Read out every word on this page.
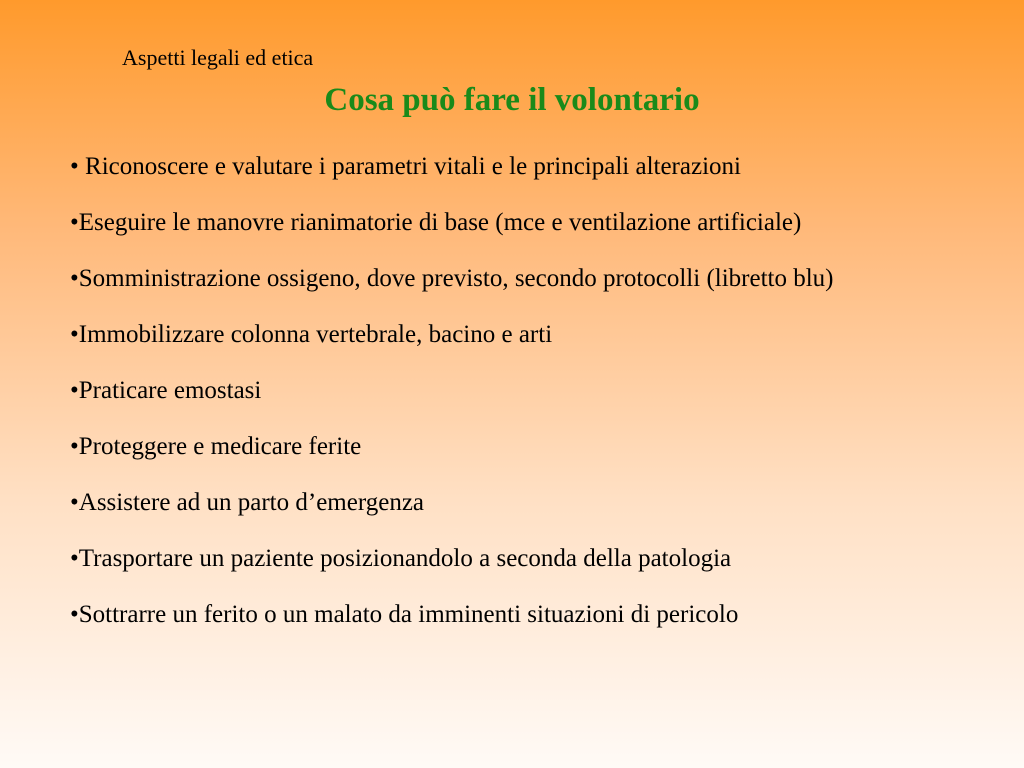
Aspetti legali ed etica
Cosa può fare il volontario
• Riconoscere e valutare i parametri vitali e le principali alterazioni
•Eseguire le manovre rianimatorie di base (mce e ventilazione artificiale)
•Somministrazione ossigeno, dove previsto, secondo protocolli (libretto blu)
•Immobilizzare colonna vertebrale, bacino e arti
•Praticare emostasi
•Proteggere e medicare ferite
•Assistere ad un parto d’emergenza
•Trasportare un paziente posizionandolo a seconda della patologia
•Sottrarre un ferito o un malato da imminenti situazioni di pericolo
